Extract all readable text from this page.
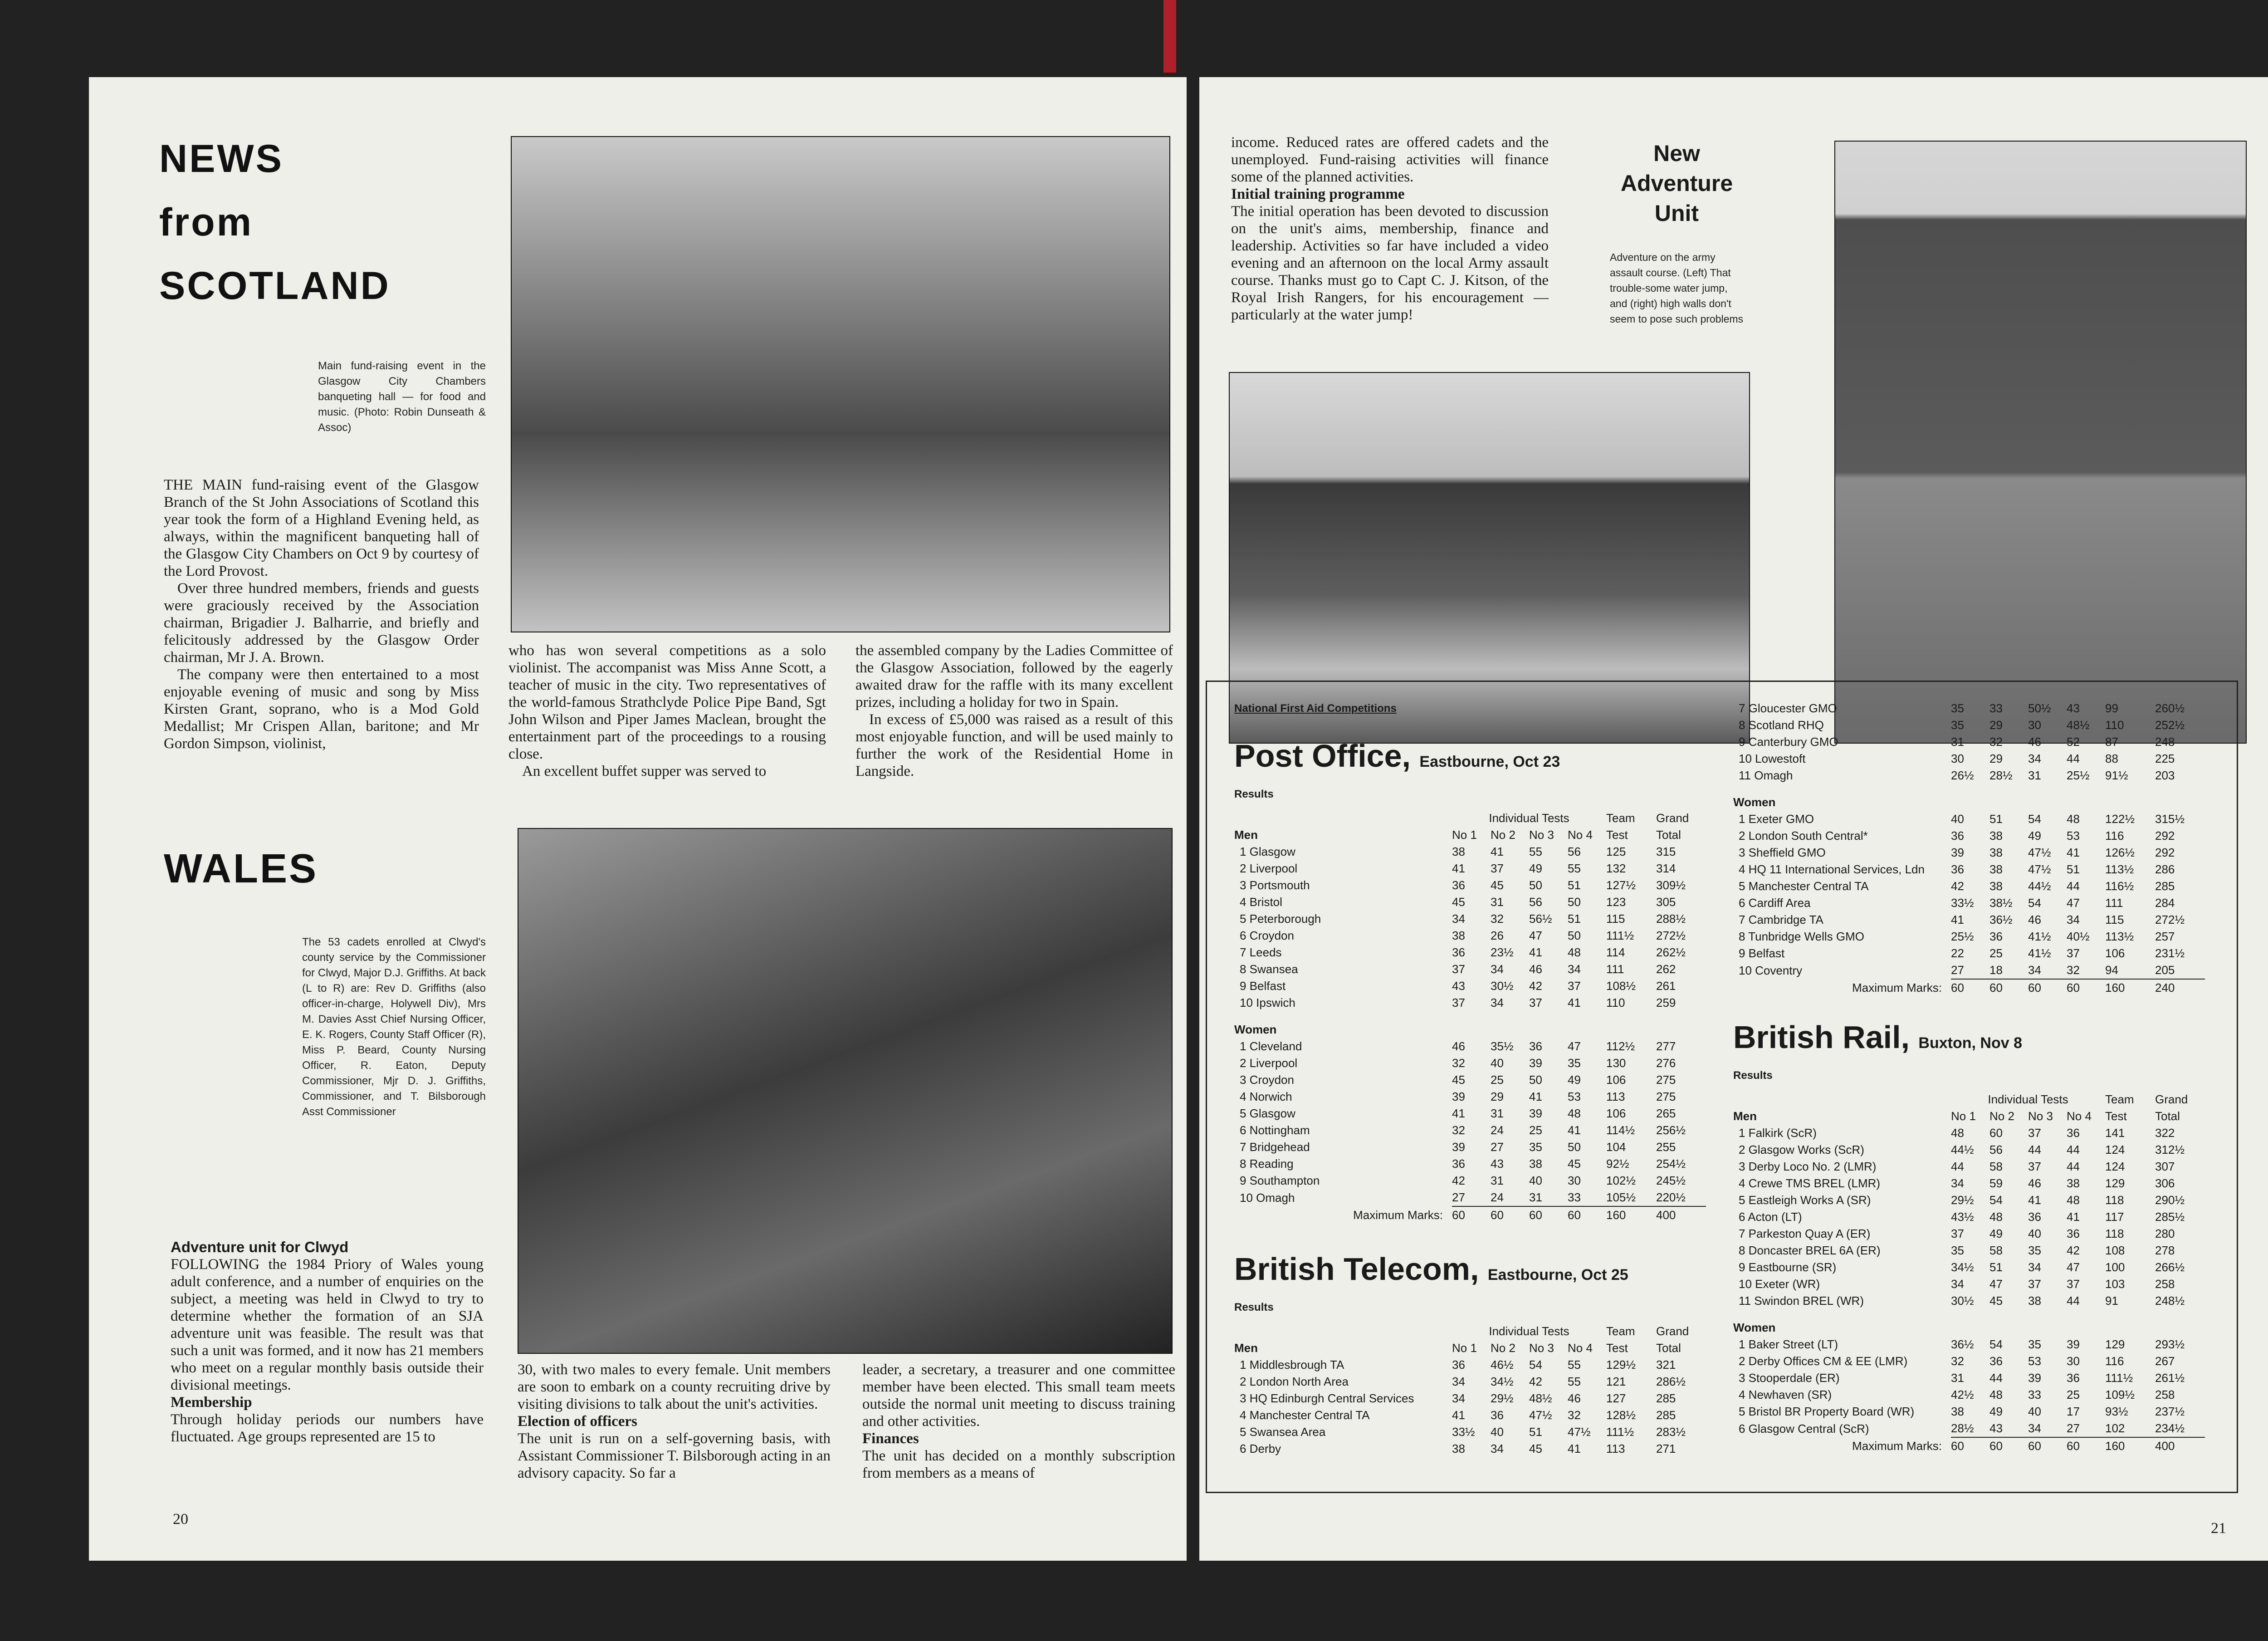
NEWS
from
SCOTLAND
Main fund-raising event in the Glasgow City Chambers banqueting hall — for food and music. (Photo: Robin Dunseath & Assoc)

THE MAIN fund-raising event of the Glasgow Branch of the St John Associations of Scotland this year took the form of a Highland Evening held, as always, within the magnificent banqueting hall of the Glasgow City Chambers on Oct 9 by courtesy of the Lord Provost.

Over three hundred members, friends and guests were graciously received by the Association chairman, Brigadier J. Balharrie, and briefly and felicitously addressed by the Glasgow Order chairman, Mr J. A. Brown.

The company were then entertained to a most enjoyable evening of music and song by Miss Kirsten Grant, soprano, who is a Mod Gold Medallist; Mr Crispen Allan, baritone; and Mr Gordon Simpson, violinist,

who has won several competitions as a solo violinist. The accompanist was Miss Anne Scott, a teacher of music in the city. Two representatives of the world-famous Strathclyde Police Pipe Band, Sgt John Wilson and Piper James Maclean, brought the entertainment part of the proceedings to a rousing close.

An excellent buffet supper was served to

the assembled company by the Ladies Committee of the Glasgow Association, followed by the eagerly awaited draw for the raffle with its many excellent prizes, including a holiday for two in Spain.

In excess of £5,000 was raised as a result of this most enjoyable function, and will be used mainly to further the work of the Residential Home in Langside.

WALES
The 53 cadets enrolled at Clwyd's county service by the Commissioner for Clwyd, Major D.J. Griffiths. At back (L to R) are: Rev D. Griffiths (also officer-in-charge, Holywell Div), Mrs M. Davies Asst Chief Nursing Officer, E. K. Rogers, County Staff Officer (R), Miss P. Beard, County Nursing Officer, R. Eaton, Deputy Commissioner, Mjr D. J. Griffiths, Commissioner, and T. Bilsborough Asst Commissioner
Adventure unit for Clwyd

FOLLOWING the 1984 Priory of Wales young adult conference, and a number of enquiries on the subject, a meeting was held in Clwyd to try to determine whether the formation of an SJA adventure unit was feasible. The result was that such a unit was formed, and it now has 21 members who meet on a regular monthly basis outside their divisional meetings.

Membership

Through holiday periods our numbers have fluctuated. Age groups represented are 15 to

30, with two males to every female. Unit members are soon to embark on a county recruiting drive by visiting divisions to talk about the unit's activities.

Election of officers

The unit is run on a self-governing basis, with Assistant Commissioner T. Bilsborough acting in an advisory capacity. So far a

leader, a secretary, a treasurer and one committee member have been elected. This small team meets outside the normal unit meeting to discuss training and other activities.

Finances

The unit has decided on a monthly subscription from members as a means of

20

income. Reduced rates are offered cadets and the unemployed. Fund-raising activities will finance some of the planned activities.

Initial training programme

The initial operation has been devoted to discussion on the unit's aims, membership, finance and leadership. Activities so far have included a video evening and an afternoon on the local Army assault course. Thanks must go to Capt C. J. Kitson, of the Royal Irish Rangers, for his encouragement — particularly at the water jump!

New Adventure Unit
Adventure on the army assault course. (Left) That trouble-some water jump, and (right) high walls don't seem to pose such problems
21
National First Aid Competitions
Post Office, Eastbourne, Oct 23
Results
	Individual Tests				Team	Grand
Men	No 1	No 2	No 3	No 4	Test	Total
1 Glasgow	38	41	55	56	125	315
2 Liverpool	41	37	49	55	132	314
3 Portsmouth	36	45	50	51	127½	309½
4 Bristol	45	31	56	50	123	305
5 Peterborough	34	32	56½	51	115	288½
6 Croydon	38	26	47	50	111½	272½
7 Leeds	36	23½	41	48	114	262½
8 Swansea	37	34	46	34	111	262
9 Belfast	43	30½	42	37	108½	261
10 Ipswich	37	34	37	41	110	259

Women						
1 Cleveland	46	35½	36	47	112½	277
2 Liverpool	32	40	39	35	130	276
3 Croydon	45	25	50	49	106	275
4 Norwich	39	29	41	53	113	275
5 Glasgow	41	31	39	48	106	265
6 Nottingham	32	24	25	41	114½	256½
7 Bridgehead	39	27	35	50	104	255
8 Reading	36	43	38	45	92½	254½
9 Southampton	42	31	40	30	102½	245½
10 Omagh	27	24	31	33	105½	220½
Maximum Marks:	60	60	60	60	160	400
British Telecom, Eastbourne, Oct 25
Results
	Individual Tests				Team	Grand
Men	No 1	No 2	No 3	No 4	Test	Total
1 Middlesbrough TA	36	46½	54	55	129½	321
2 London North Area	34	34½	42	55	121	286½
3 HQ Edinburgh Central Services	34	29½	48½	46	127	285
4 Manchester Central TA	41	36	47½	32	128½	285
5 Swansea Area	33½	40	51	47½	111½	283½
6 Derby	38	34	45	41	113	271
7 Gloucester GMO	35	33	50½	43	99	260½
8 Scotland RHQ	35	29	30	48½	110	252½
9 Canterbury GMO	31	32	46	52	87	248
10 Lowestoft	30	29	34	44	88	225
11 Omagh	26½	28½	31	25½	91½	203

Women						
1 Exeter GMO	40	51	54	48	122½	315½
2 London South Central*	36	38	49	53	116	292
3 Sheffield GMO	39	38	47½	41	126½	292
4 HQ 11 International Services, Ldn	36	38	47½	51	113½	286
5 Manchester Central TA	42	38	44½	44	116½	285
6 Cardiff Area	33½	38½	54	47	111	284
7 Cambridge TA	41	36½	46	34	115	272½
8 Tunbridge Wells GMO	25½	36	41½	40½	113½	257
9 Belfast	22	25	41½	37	106	231½
10 Coventry	27	18	34	32	94	205
Maximum Marks:	60	60	60	60	160	240
British Rail, Buxton, Nov 8
Results
	Individual Tests				Team	Grand
Men	No 1	No 2	No 3	No 4	Test	Total
1 Falkirk (ScR)	48	60	37	36	141	322
2 Glasgow Works (ScR)	44½	56	44	44	124	312½
3 Derby Loco No. 2 (LMR)	44	58	37	44	124	307
4 Crewe TMS BREL (LMR)	34	59	46	38	129	306
5 Eastleigh Works A (SR)	29½	54	41	48	118	290½
6 Acton (LT)	43½	48	36	41	117	285½
7 Parkeston Quay A (ER)	37	49	40	36	118	280
8 Doncaster BREL 6A (ER)	35	58	35	42	108	278
9 Eastbourne (SR)	34½	51	34	47	100	266½
10 Exeter (WR)	34	47	37	37	103	258
11 Swindon BREL (WR)	30½	45	38	44	91	248½

Women						
1 Baker Street (LT)	36½	54	35	39	129	293½
2 Derby Offices CM & EE (LMR)	32	36	53	30	116	267
3 Stooperdale (ER)	31	44	39	36	111½	261½
4 Newhaven (SR)	42½	48	33	25	109½	258
5 Bristol BR Property Board (WR)	38	49	40	17	93½	237½
6 Glasgow Central (ScR)	28½	43	34	27	102	234½
Maximum Marks:	60	60	60	60	160	400
